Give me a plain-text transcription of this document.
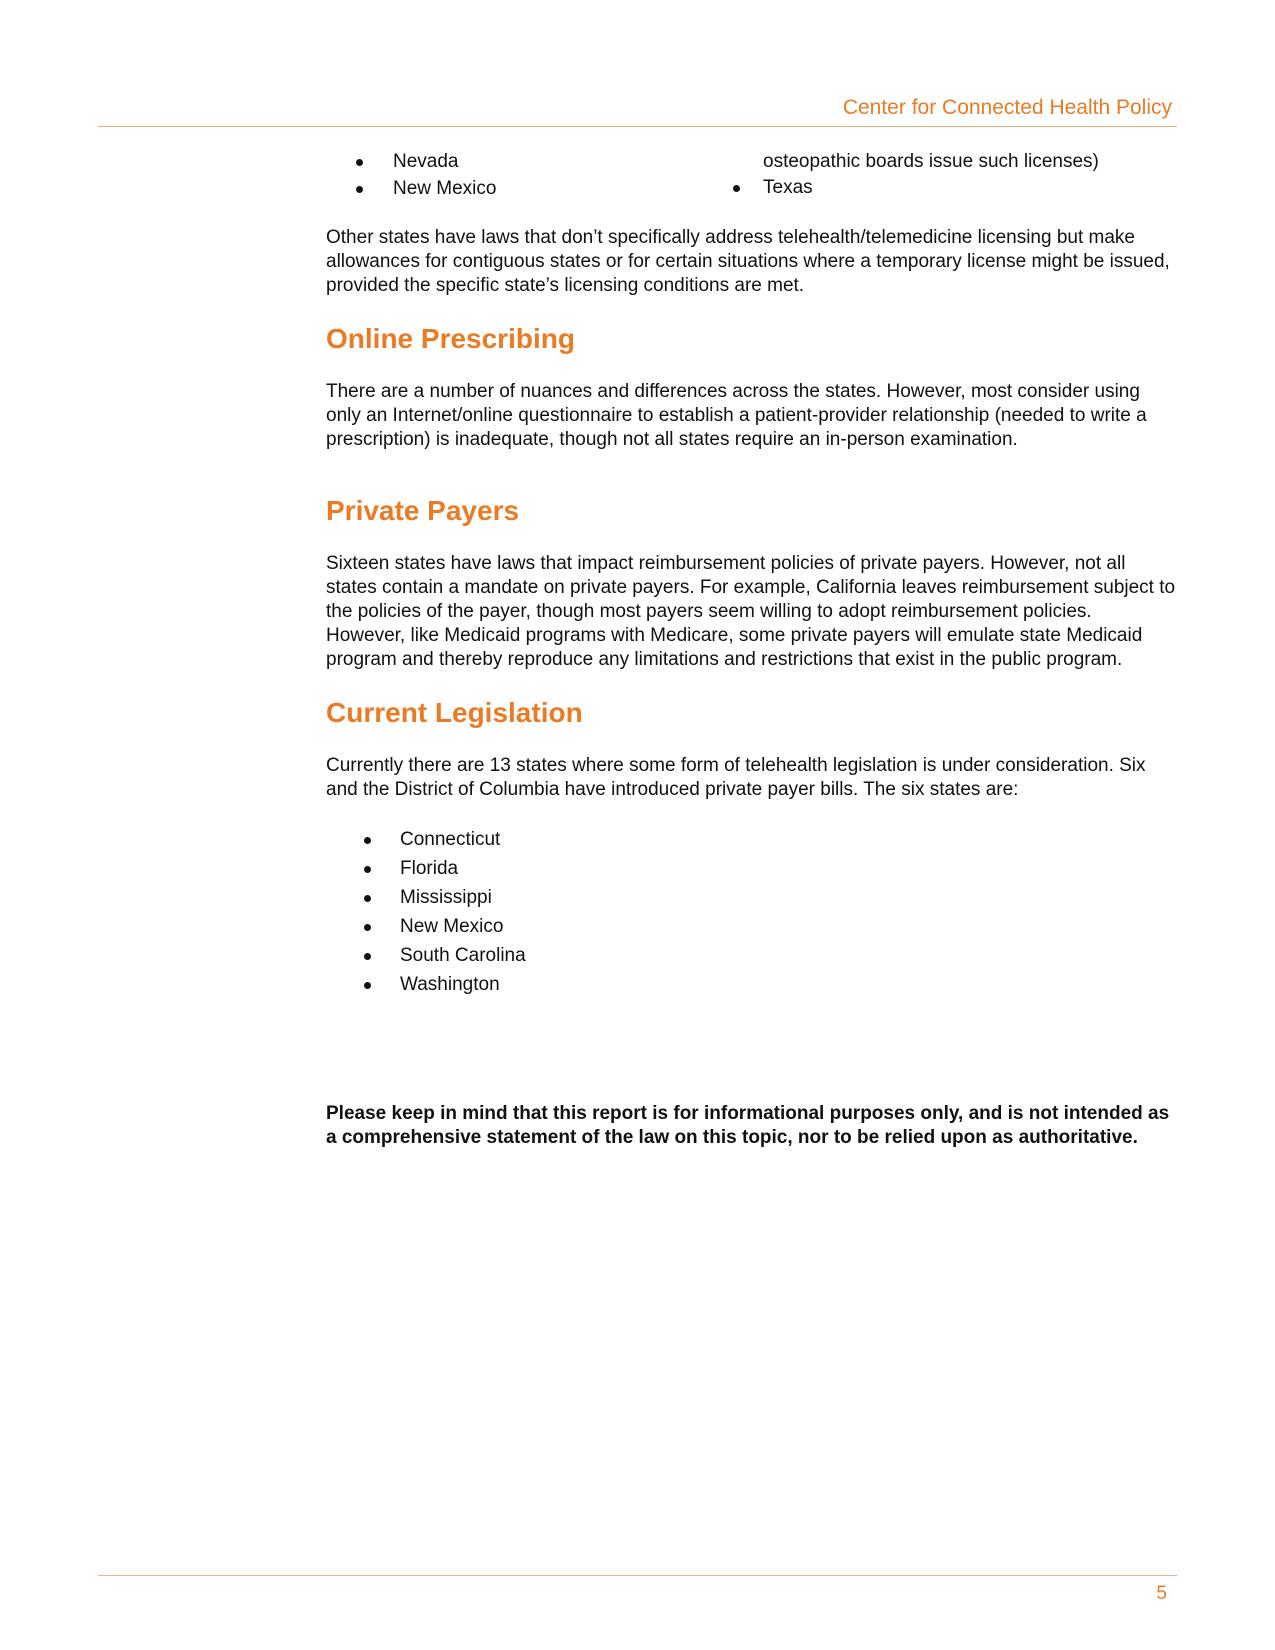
Center for Connected Health Policy
Nevada
New Mexico
osteopathic boards issue such licenses)
Texas

Other states have laws that don’t specifically address telehealth/telemedicine licensing but make allowances for contiguous states or for certain situations where a temporary license might be issued, provided the specific state’s licensing conditions are met.

Online Prescribing

There are a number of nuances and differences across the states. However, most consider using only an Internet/online questionnaire to establish a patient-provider relationship (needed to write a prescription) is inadequate, though not all states require an in-person examination.

Private Payers

Sixteen states have laws that impact reimbursement policies of private payers. However, not all states contain a mandate on private payers. For example, California leaves reimbursement subject to the policies of the payer, though most payers seem willing to adopt reimbursement policies. However, like Medicaid programs with Medicare, some private payers will emulate state Medicaid program and thereby reproduce any limitations and restrictions that exist in the public program.

Current Legislation

Currently there are 13 states where some form of telehealth legislation is under consideration. Six and the District of Columbia have introduced private payer bills. The six states are:

Connecticut
Florida
Mississippi
New Mexico
South Carolina
Washington

Please keep in mind that this report is for informational purposes only, and is not intended as a comprehensive statement of the law on this topic, nor to be relied upon as authoritative.

5
